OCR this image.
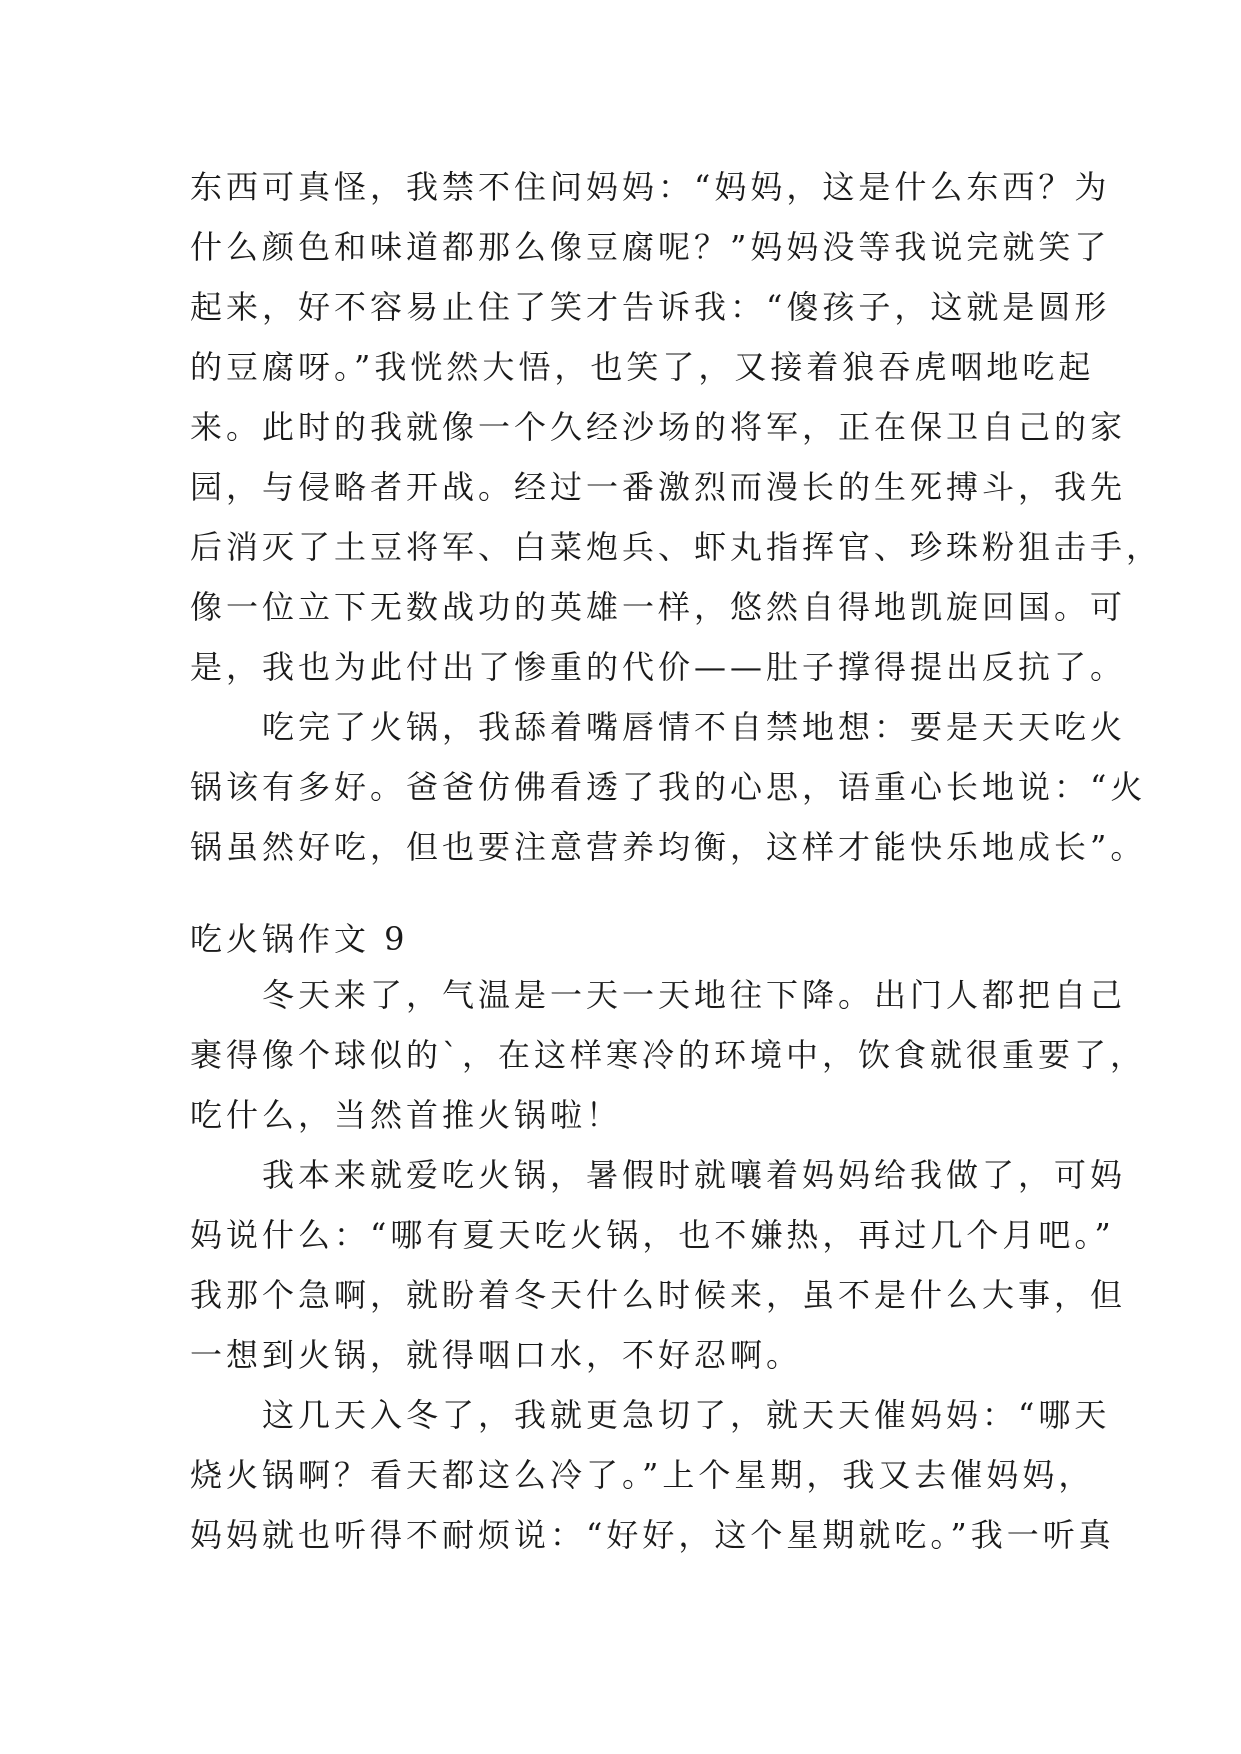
东西可真怪，我禁不住问妈妈：“妈妈，这是什么东西？为
什么颜色和味道都那么像豆腐呢？”妈妈没等我说完就笑了
起来，好不容易止住了笑才告诉我：“傻孩子，这就是圆形
的豆腐呀。”我恍然大悟，也笑了，又接着狼吞虎咽地吃起
来。此时的我就像一个久经沙场的将军，正在保卫自己的家
园，与侵略者开战。经过一番激烈而漫长的生死搏斗，我先
后消灭了土豆将军、白菜炮兵、虾丸指挥官、珍珠粉狙击手，
像一位立下无数战功的英雄一样，悠然自得地凯旋回国。可
是，我也为此付出了惨重的代价——肚子撑得提出反抗了。
　　吃完了火锅，我舔着嘴唇情不自禁地想：要是天天吃火
锅该有多好。爸爸仿佛看透了我的心思，语重心长地说：“火
锅虽然好吃，但也要注意营养均衡，这样才能快乐地成长”。
吃火锅作文 9
　　冬天来了，气温是一天一天地往下降。出门人都把自己
裹得像个球似的`，在这样寒冷的环境中，饮食就很重要了，
吃什么，当然首推火锅啦！
　　我本来就爱吃火锅，暑假时就嚷着妈妈给我做了，可妈
妈说什么：“哪有夏天吃火锅，也不嫌热，再过几个月吧。”
我那个急啊，就盼着冬天什么时候来，虽不是什么大事，但
一想到火锅，就得咽口水，不好忍啊。
　　这几天入冬了，我就更急切了，就天天催妈妈：“哪天
烧火锅啊？看天都这么冷了。”上个星期，我又去催妈妈，
妈妈就也听得不耐烦说：“好好，这个星期就吃。”我一听真
